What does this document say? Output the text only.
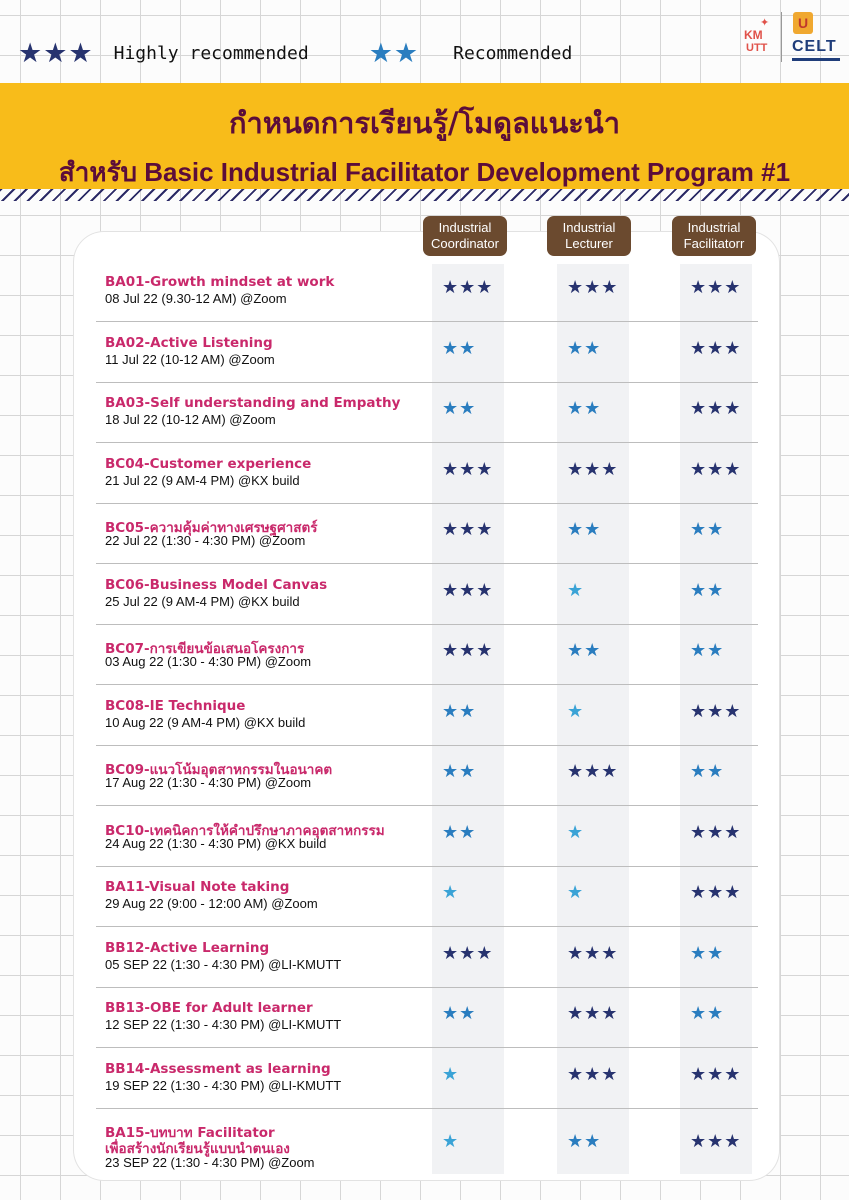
★★★ Highly recommended ★★ Recommended
✦
KM
UTT
U
CELT
กำหนดการเรียนรู้/โมดูลแนะนำ
สำหรับ Basic Industrial Facilitator Development Program #1
Industrial
Coordinator
Industrial
Lecturer
Industrial
Facilitatorr
BA01-Growth mindset at work
08 Jul 22 (9.30-12 AM) @Zoom
★★★	★★★	★★★
BA02-Active Listening
11 Jul 22 (10-12 AM) @Zoom
★★	★★	★★★
BA03-Self understanding and Empathy
18 Jul 22 (10-12 AM) @Zoom
★★	★★	★★★
BC04-Customer experience
21 Jul 22 (9 AM-4 PM) @KX build
★★★	★★★	★★★
BC05-ความคุ้มค่าทางเศรษฐศาสตร์
22 Jul 22 (1:30 - 4:30 PM) @Zoom
★★★	★★	★★
BC06-Business Model Canvas
25 Jul 22 (9 AM-4 PM) @KX build
★★★	★	★★
BC07-การเขียนข้อเสนอโครงการ
03 Aug 22 (1:30 - 4:30 PM) @Zoom
★★★	★★	★★
BC08-IE Technique
10 Aug 22 (9 AM-4 PM) @KX build
★★	★	★★★
BC09-แนวโน้มอุตสาหกรรมในอนาคต
17 Aug 22 (1:30 - 4:30 PM) @Zoom
★★	★★★	★★
BC10-เทคนิคการให้คำปรึกษาภาคอุตสาหกรรม
24 Aug 22 (1:30 - 4:30 PM) @KX build
★★	★	★★★
BA11-Visual Note taking
29 Aug 22 (9:00 - 12:00 AM) @Zoom
★	★	★★★
BB12-Active Learning
05 SEP 22 (1:30 - 4:30 PM) @LI-KMUTT
★★★	★★★	★★
BB13-OBE for Adult learner
12 SEP 22 (1:30 - 4:30 PM) @LI-KMUTT
★★	★★★	★★
BB14-Assessment as learning
19 SEP 22 (1:30 - 4:30 PM) @LI-KMUTT
★	★★★	★★★
BA15-บทบาท Facilitator
เพื่อสร้างนักเรียนรู้แบบนำตนเอง
23 SEP 22 (1:30 - 4:30 PM) @Zoom
★	★★	★★★
